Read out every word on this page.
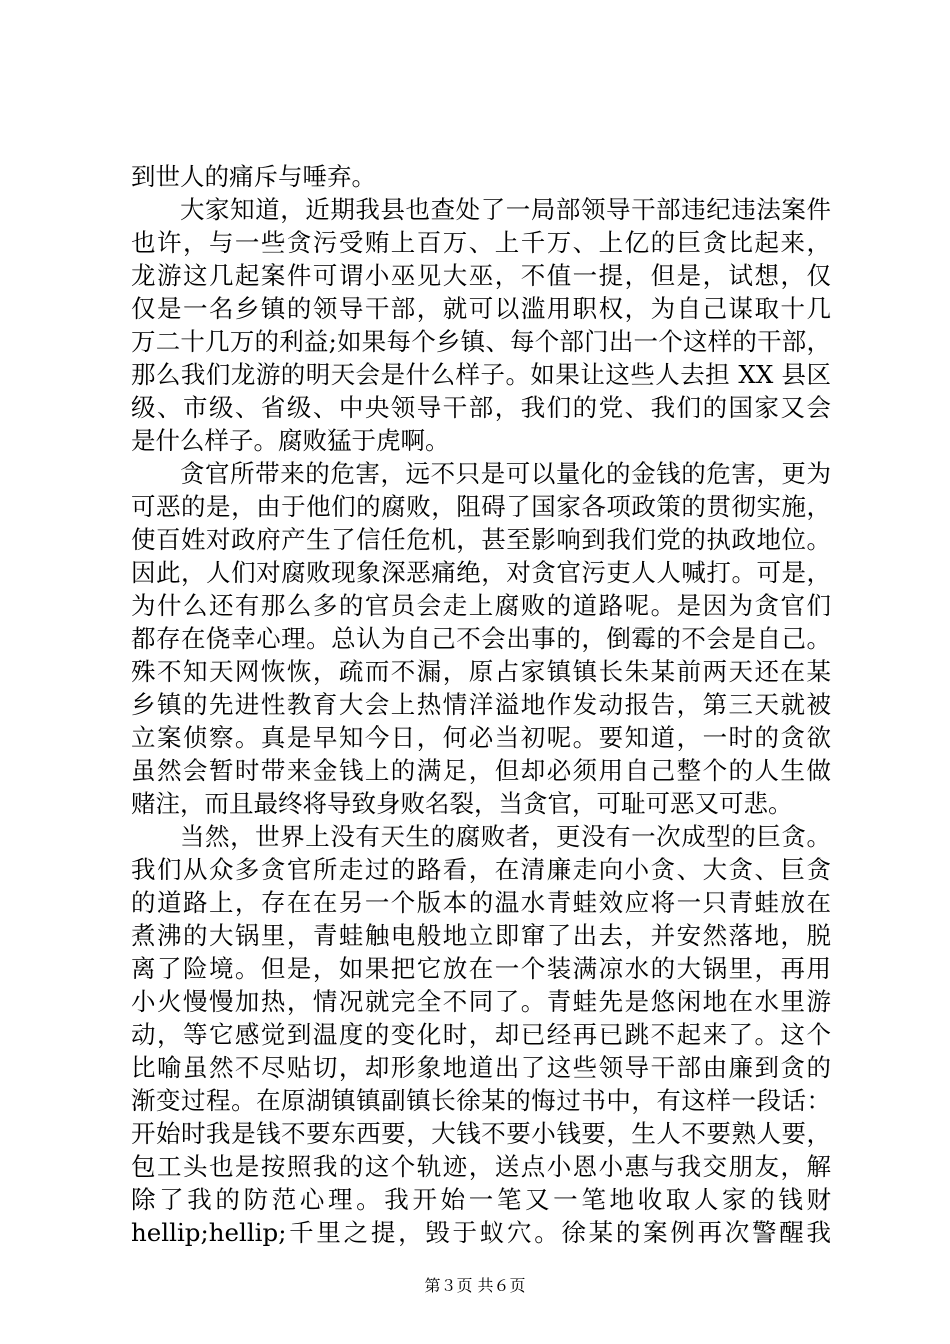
到世人的痛斥与唾弃。
大家知道，近期我县也查处了一局部领导干部违纪违法案件
也许，与一些贪污受贿上百万、上千万、上亿的巨贪比起来，
龙游这几起案件可谓小巫见大巫，不值一提，但是，试想，仅
仅是一名乡镇的领导干部，就可以滥用职权，为自己谋取十几
万二十几万的利益;如果每个乡镇、每个部门出一个这样的干部，
那么我们龙游的明天会是什么样子。如果让这些人去担 XX 县区
级、市级、省级、中央领导干部，我们的党、我们的国家又会
是什么样子。腐败猛于虎啊。
贪官所带来的危害，远不只是可以量化的金钱的危害，更为
可恶的是，由于他们的腐败，阻碍了国家各项政策的贯彻实施，
使百姓对政府产生了信任危机，甚至影响到我们党的执政地位。
因此，人们对腐败现象深恶痛绝，对贪官污吏人人喊打。可是，
为什么还有那么多的官员会走上腐败的道路呢。是因为贪官们
都存在侥幸心理。总认为自己不会出事的，倒霉的不会是自己。
殊不知天网恢恢，疏而不漏，原占家镇镇长朱某前两天还在某
乡镇的先进性教育大会上热情洋溢地作发动报告，第三天就被
立案侦察。真是早知今日，何必当初呢。要知道，一时的贪欲
虽然会暂时带来金钱上的满足，但却必须用自己整个的人生做
赌注，而且最终将导致身败名裂，当贪官，可耻可恶又可悲。
当然，世界上没有天生的腐败者，更没有一次成型的巨贪。
我们从众多贪官所走过的路看，在清廉走向小贪、大贪、巨贪
的道路上，存在在另一个版本的温水青蛙效应将一只青蛙放在
煮沸的大锅里，青蛙触电般地立即窜了出去，并安然落地，脱
离了险境。但是，如果把它放在一个装满凉水的大锅里，再用
小火慢慢加热，情况就完全不同了。青蛙先是悠闲地在水里游
动，等它感觉到温度的变化时，却已经再已跳不起来了。这个
比喻虽然不尽贴切，却形象地道出了这些领导干部由廉到贪的
渐变过程。在原湖镇镇副镇长徐某的悔过书中，有这样一段话：
开始时我是钱不要东西要，大钱不要小钱要，生人不要熟人要，
包工头也是按照我的这个轨迹，送点小恩小惠与我交朋友，解
除了我的防范心理。我开始一笔又一笔地收取人家的钱财
hellip;hellip;千里之提，毁于蚁穴。徐某的案例再次警醒我
第３页 共６页
